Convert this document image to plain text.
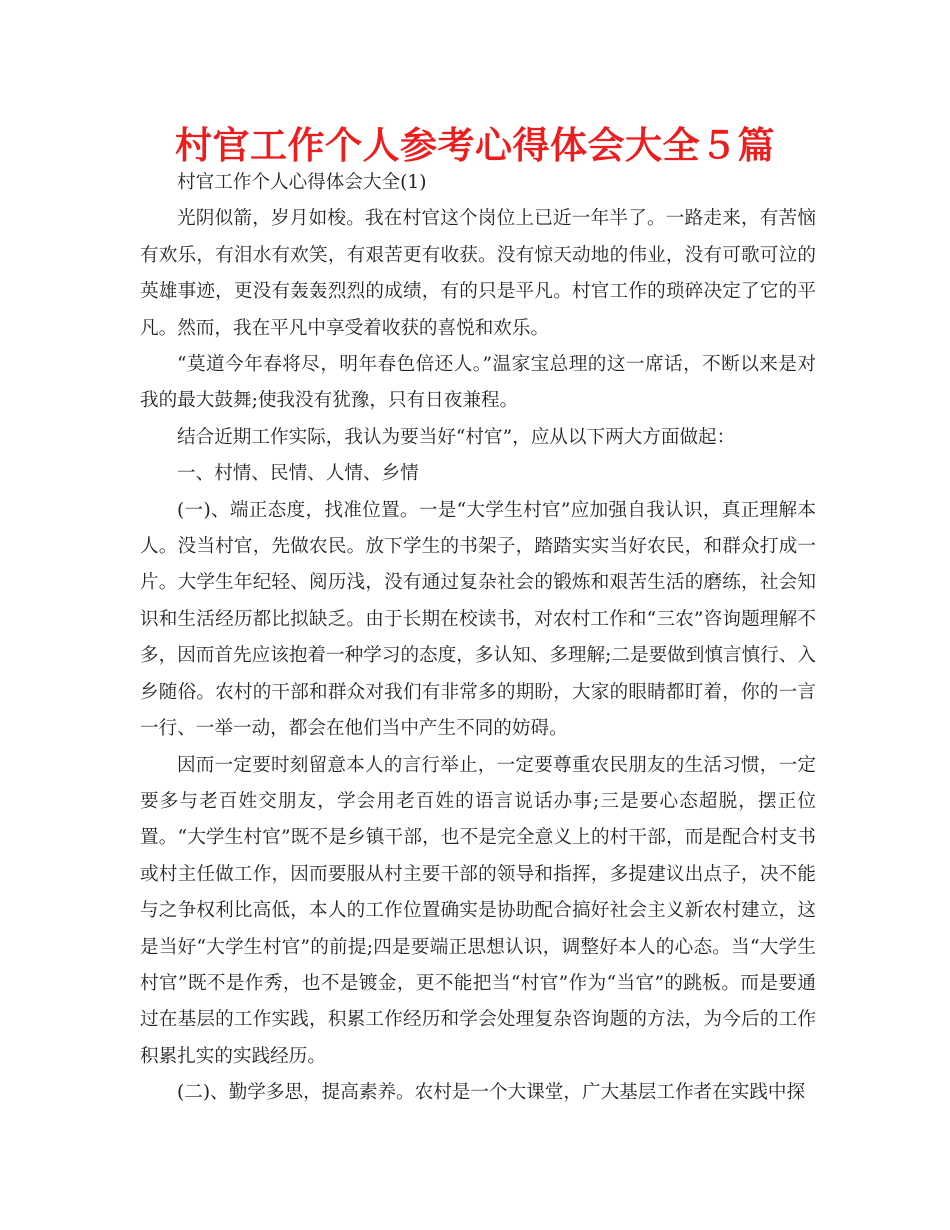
村官工作个人参考心得体会大全５篇

村官工作个人心得体会大全(1)

光阴似箭，岁月如梭。我在村官这个岗位上已近一年半了。一路走来，有苦恼有欢乐，有泪水有欢笑，有艰苦更有收获。没有惊天动地的伟业，没有可歌可泣的英雄事迹，更没有轰轰烈烈的成绩，有的只是平凡。村官工作的琐碎决定了它的平凡。然而，我在平凡中享受着收获的喜悦和欢乐。

“莫道今年春将尽，明年春色倍还人。”温家宝总理的这一席话，不断以来是对我的最大鼓舞;使我没有犹豫，只有日夜兼程。

结合近期工作实际，我认为要当好“村官”，应从以下两大方面做起：

一、村情、民情、人情、乡情

(一)、端正态度，找准位置。一是“大学生村官”应加强自我认识，真正理解本人。没当村官，先做农民。放下学生的书架子，踏踏实实当好农民，和群众打成一片。大学生年纪轻、阅历浅，没有通过复杂社会的锻炼和艰苦生活的磨练，社会知识和生活经历都比拟缺乏。由于长期在校读书，对农村工作和“三农”咨询题理解不多，因而首先应该抱着一种学习的态度，多认知、多理解;二是要做到慎言慎行、入乡随俗。农村的干部和群众对我们有非常多的期盼，大家的眼睛都盯着，你的一言一行、一举一动，都会在他们当中产生不同的妨碍。

因而一定要时刻留意本人的言行举止，一定要尊重农民朋友的生活习惯，一定要多与老百姓交朋友，学会用老百姓的语言说话办事;三是要心态超脱，摆正位置。“大学生村官”既不是乡镇干部，也不是完全意义上的村干部，而是配合村支书或村主任做工作，因而要服从村主要干部的领导和指挥，多提建议出点子，决不能与之争权利比高低，本人的工作位置确实是协助配合搞好社会主义新农村建立，这是当好“大学生村官”的前提;四是要端正思想认识，调整好本人的心态。当“大学生村官”既不是作秀，也不是镀金，更不能把当“村官”作为“当官”的跳板。而是要通过在基层的工作实践，积累工作经历和学会处理复杂咨询题的方法，为今后的工作积累扎实的实践经历。

(二)、勤学多思，提高素养。农村是一个大课堂，广大基层工作者在实践中探
